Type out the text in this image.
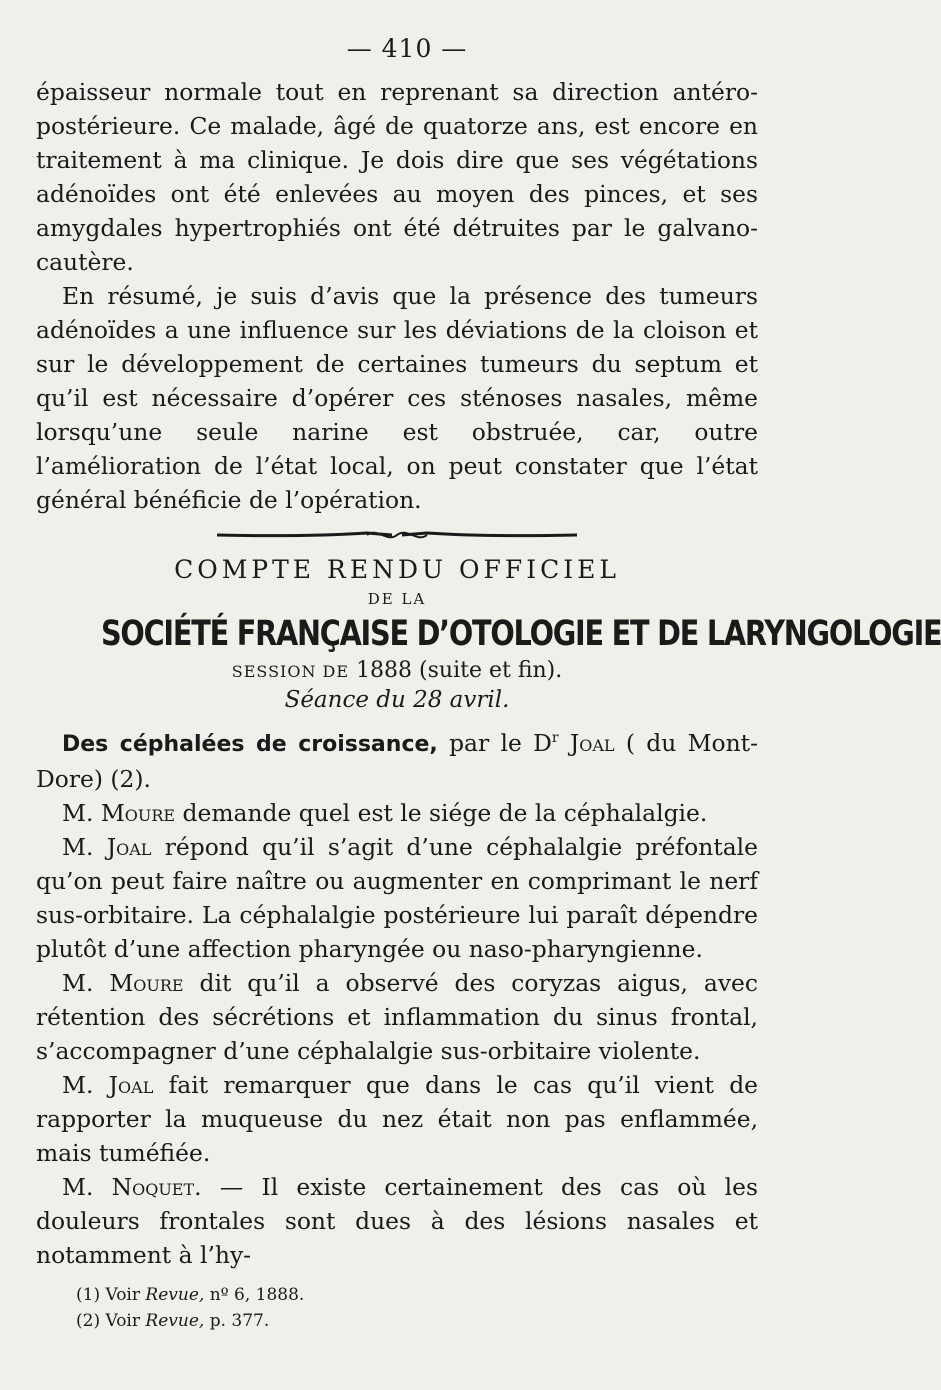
— 410 —

épaisseur normale tout en reprenant sa direction antéro-postérieure. Ce malade, âgé de quatorze ans, est encore en traitement à ma clinique. Je dois dire que ses végétations adénoïdes ont été enlevées au moyen des pinces, et ses amygdales hypertrophiés ont été détruites par le galvano-cautère.

En résumé, je suis d’avis que la présence des tumeurs adénoïdes a une influence sur les déviations de la cloison et sur le développement de certaines tumeurs du septum et qu’il est nécessaire d’opérer ces sténoses nasales, même lorsqu’une seule narine est obstruée, car, outre l’amélioration de l’état local, on peut constater que l’état général bénéficie de l’opération.

COMPTE RENDU OFFICIEL
DE LA
SOCIÉTÉ FRANÇAISE D’OTOLOGIE ET DE LARYNGOLOGIE
SESSION DE 1888 (suite et fin).
Séance du 28 avril.

Des céphalées de croissance, par le $D^r$ Joal ( du Mont-Dore) (2).

M. Moure demande quel est le siége de la céphalalgie.

M. Joal répond qu’il s’agit d’une céphalalgie préfontale qu’on peut faire naître ou augmenter en comprimant le nerf sus-orbitaire. La céphalalgie postérieure lui paraît dépendre plutôt d’une affection pharyngée ou naso-pharyngienne.

M. Moure dit qu’il a observé des coryzas aigus, avec rétention des sécrétions et inflammation du sinus frontal, s’accompagner d’une céphalalgie sus-orbitaire violente.

M. Joal fait remarquer que dans le cas qu’il vient de rapporter la muqueuse du nez était non pas enflammée, mais tuméfiée.

M. Noquet. — Il existe certainement des cas où les douleurs frontales sont dues à des lésions nasales et notamment à l’hy-

(1) Voir Revue, nº 6, 1888.
(2) Voir Revue, p. 377.
